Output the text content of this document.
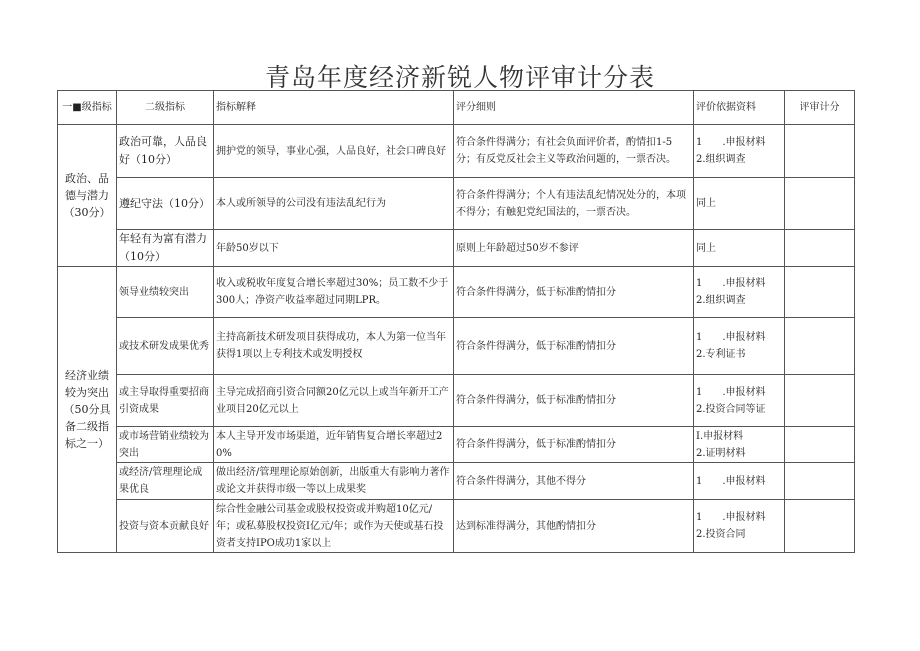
青岛年度经济新锐人物评审计分表
一■级指标	二级指标	指标解释	评分细则	评价依据资料	评审计分
政治、品德与潜力（30分）	政治可靠，人品良好（10分）	拥护党的领导，事业心强，人品良好，社会口碑良好	符合条件得满分；有社会负面评价者，酌情扣1-5分；有反党反社会主义等政治问题的，一票否决。	1　　.申报材料
2.组织调查	

	遵纪守法（10分）	本人或所领导的公司没有违法乱纪行为	符合条件得满分；个人有违法乱纪情况处分的，本项不得分；有触犯党纪国法的，一票否决。	同上	
	年轻有为富有潜力（10分）	年龄50岁以下	原则上年龄超过50岁不参评	同上	
经济业绩较为突出（50分具备二级指标之一）	领导业绩较突出	收入或税收年度复合增长率超过30%；员工数不少于300人；净资产收益率超过同期LPR。	符合条件得满分，低于标准酌情扣分	1　　.申报材料
2.组织调查	

	或技术研发成果优秀	主持高新技术研发项目获得成功，本人为第一位当年获得1项以上专利技术或发明授权	符合条件得满分，低于标准酌情扣分	1　　.申报材料
2.专利证书	

	或主导取得重要招商引资成果	主导完成招商引资合同额20亿元以上或当年新开工产业项目20亿元以上	符合条件得满分，低于标准酌情扣分	1　　.申报材料
2.投资合同等证	

	或市场营销业绩较为突出	本人主导开发市场渠道，近年销售复合增长率超过20%	符合条件得满分，低于标准酌情扣分	I.申报材料
2.证明材料	

	或经济/管理理论成果优良	做出经济/管理理论原始创新，出版重大有影响力著作或论文并获得市级一等以上成果奖	符合条件得满分，其他不得分	1　　.申报材料	
	投资与资本贡献良好	综合性金融公司基金或股权投资或并购超10亿元/年；或私募股权投资I亿元/年；或作为天使或基石投资者支持IPO成功1家以上	达到标准得满分，其他酌情扣分	1　　.申报材料
2.投资合同	
